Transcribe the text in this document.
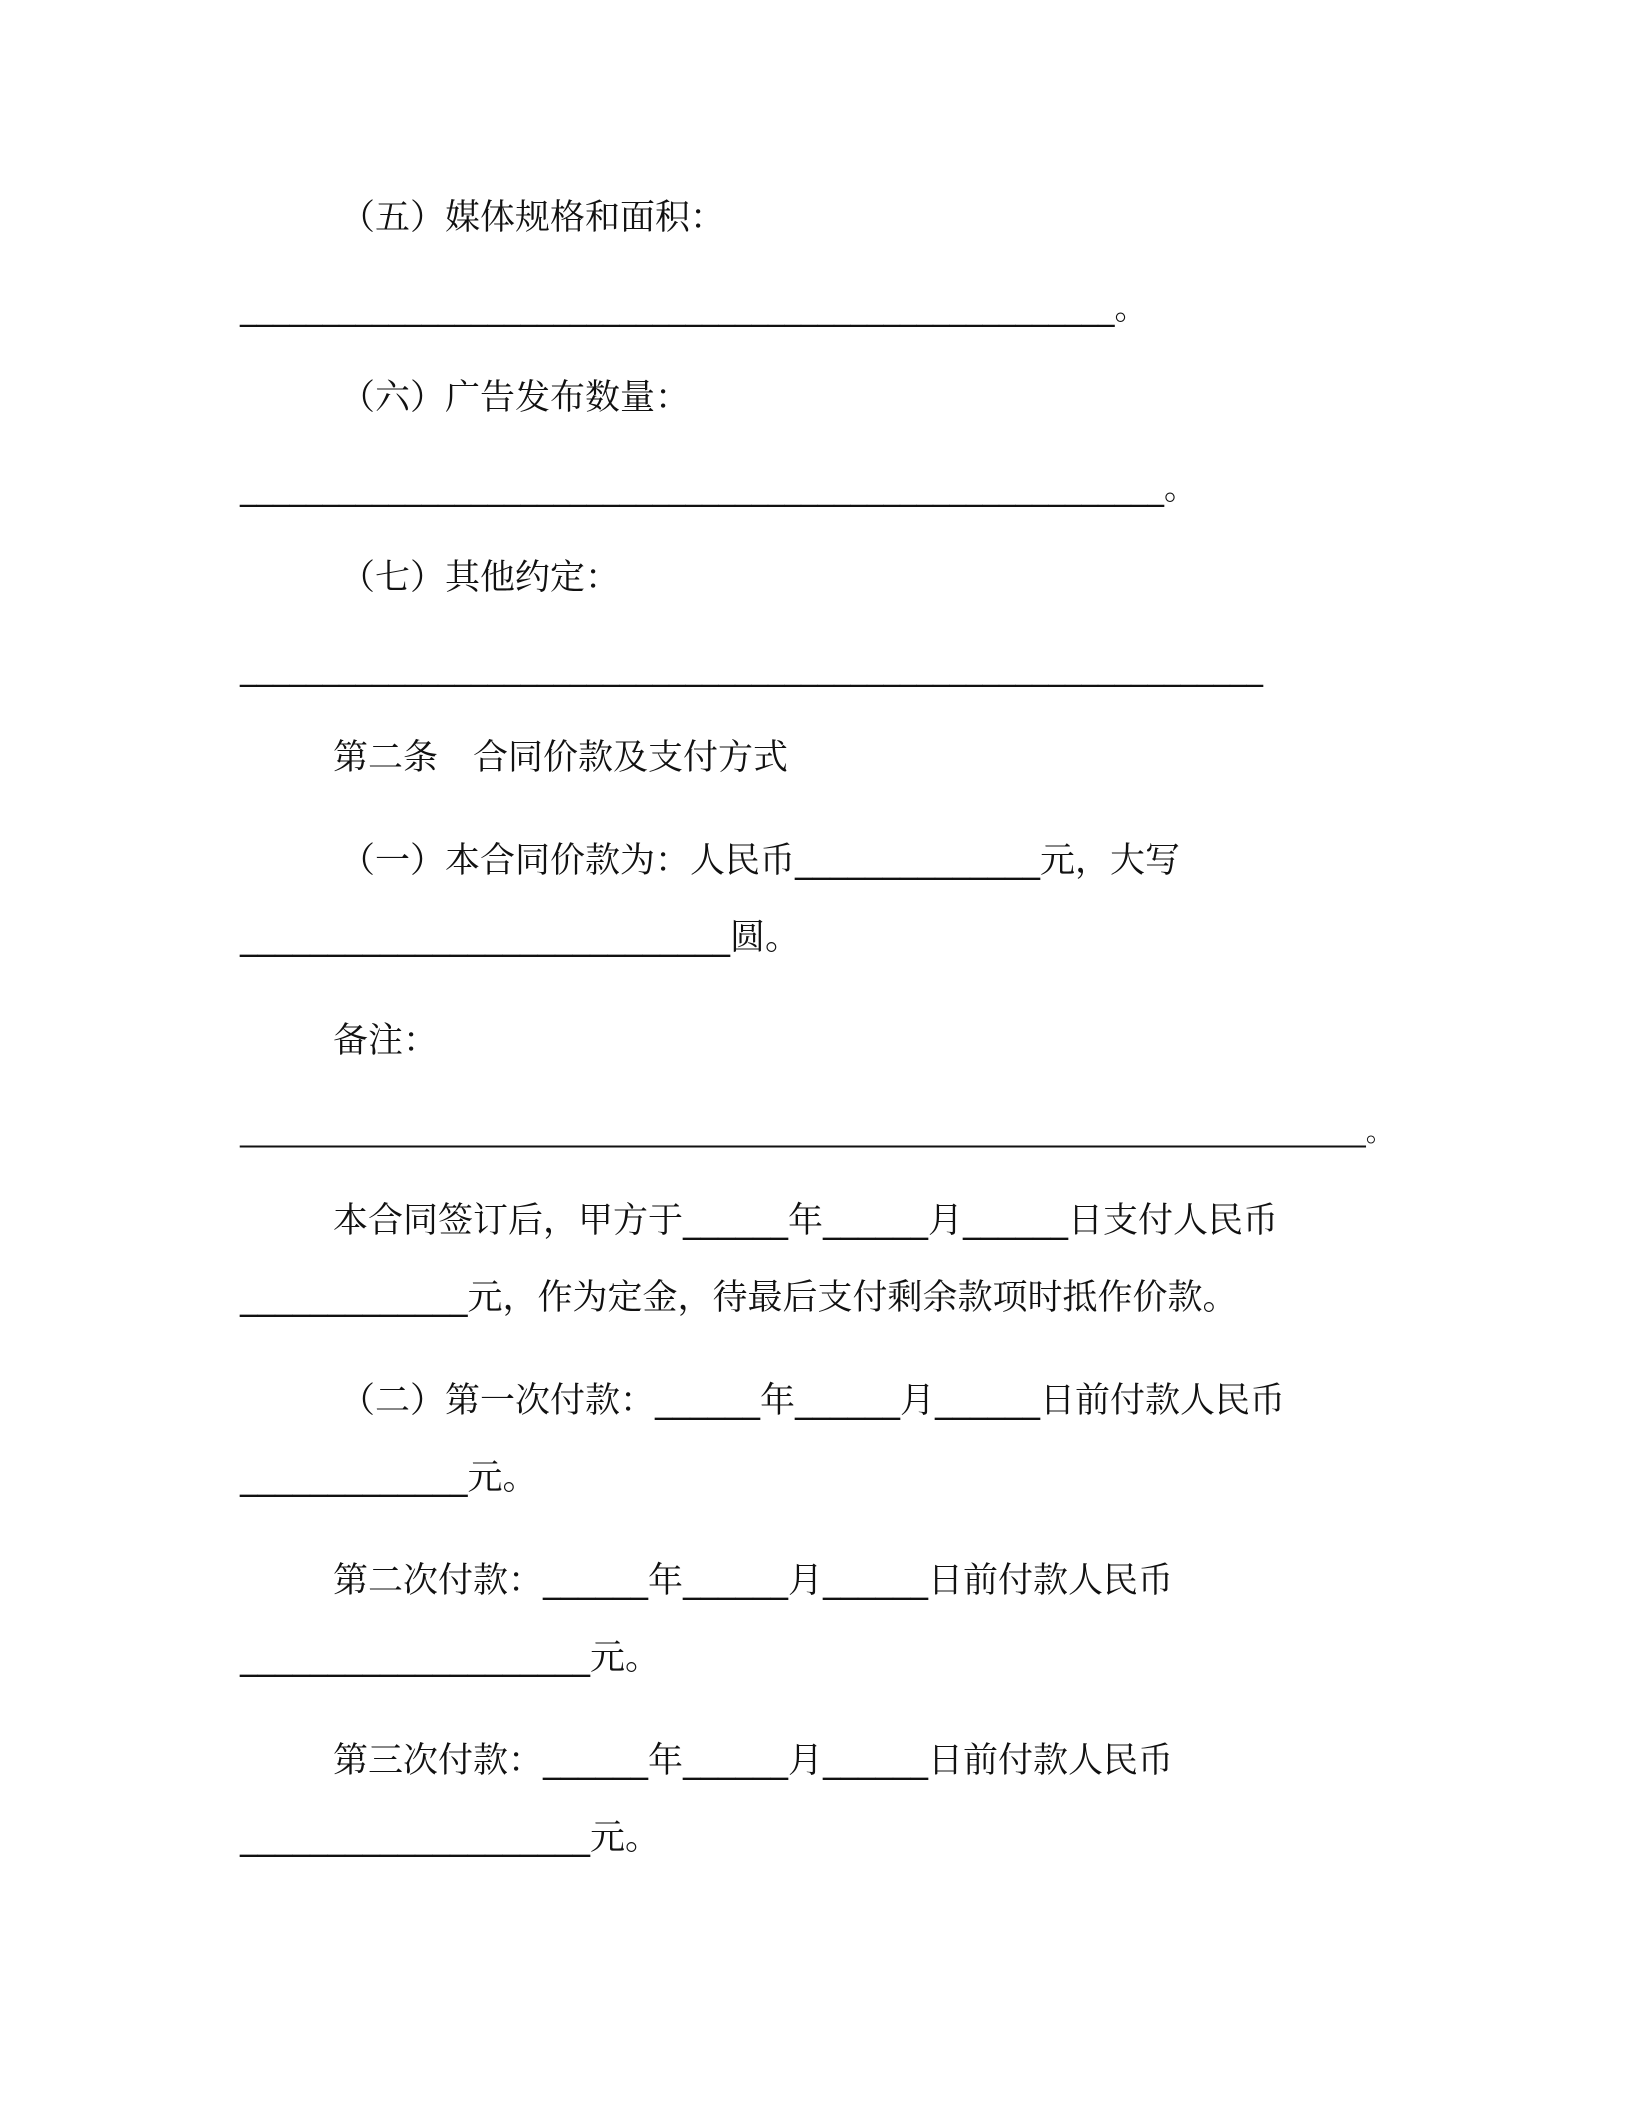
（五）媒体规格和面积：
_____________________________________________________。
（六）广告发布数量：
________________________________________________________。
（七）其他约定：
______________________________________________________________
第二条　合同价款及支付方式
（一）本合同价款为：人民币______________元，大写
____________________________圆。
备注：
_______________________________________________________________________________。
本合同签订后，甲方于______年______月______日支付人民币
_____________元，作为定金，待最后支付剩余款项时抵作价款。
（二）第一次付款：______年______月______日前付款人民币
_____________元。
第二次付款：______年______月______日前付款人民币
____________________元。
第三次付款：______年______月______日前付款人民币
____________________元。
